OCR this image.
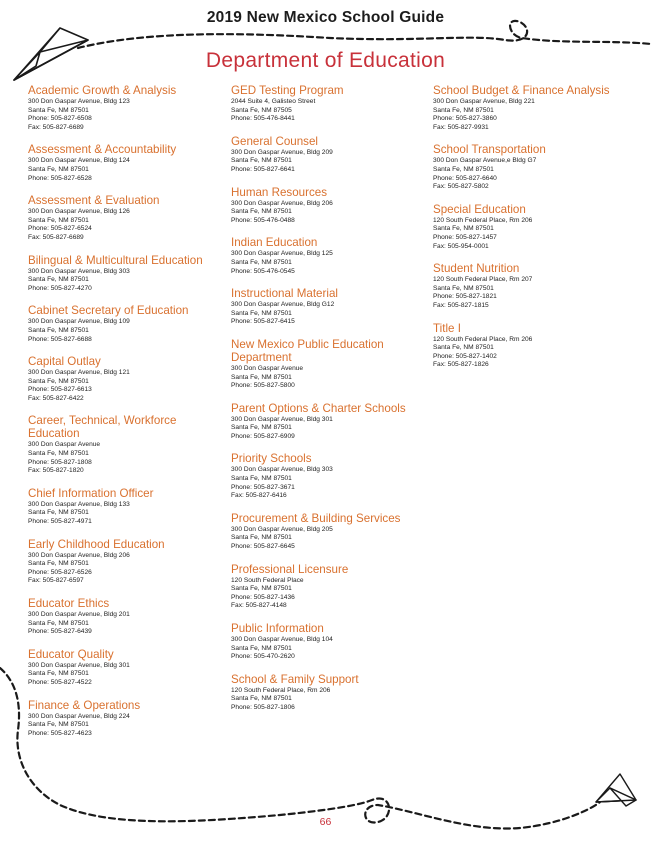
2019 New Mexico School Guide
Department of Education
Academic Growth & Analysis
300 Don Gaspar Avenue, Bldg 123
Santa Fe, NM 87501
Phone: 505-827-6508
Fax: 505-827-6689
Assessment & Accountability
300 Don Gaspar Avenue, Bldg 124
Santa Fe, NM 87501
Phone: 505-827-6528
Assessment & Evaluation
300 Don Gaspar Avenue, Bldg 126
Santa Fe, NM 87501
Phone: 505-827-6524
Fax: 505-827-6689
Bilingual & Multicultural Education
300 Don Gaspar Avenue, Bldg 303
Santa Fe, NM 87501
Phone: 505-827-4270
Cabinet Secretary of Education
300 Don Gaspar Avenue, Bldg 109
Santa Fe, NM 87501
Phone: 505-827-6688
Capital Outlay
300 Don Gaspar Avenue, Bldg 121
Santa Fe, NM 87501
Phone: 505-827-6613
Fax: 505-827-6422
Career, Technical, Workforce Education
300 Don Gaspar Avenue
Santa Fe, NM 87501
Phone: 505-827-1808
Fax: 505-827-1820
Chief Information Officer
300 Don Gaspar Avenue, Bldg 133
Santa Fe, NM 87501
Phone: 505-827-4971
Early Childhood Education
300 Don Gaspar Avenue, Bldg 206
Santa Fe, NM 87501
Phone: 505-827-6526
Fax: 505-827-6597
Educator Ethics
300 Don Gaspar Avenue, Bldg 201
Santa Fe, NM 87501
Phone: 505-827-6439
Educator Quality
300 Don Gaspar Avenue, Bldg 301
Santa Fe, NM 87501
Phone: 505-827-4522
Finance & Operations
300 Don Gaspar Avenue, Bldg 224
Santa Fe, NM 87501
Phone: 505-827-4623
GED Testing Program
2044 Suite 4, Galisteo Street
Santa Fe, NM 87505
Phone: 505-476-8441
General Counsel
300 Don Gaspar Avenue, Bldg 209
Santa Fe, NM 87501
Phone: 505-827-6641
Human Resources
300 Don Gaspar Avenue, Bldg 206
Santa Fe, NM 87501
Phone: 505-476-0488
Indian Education
300 Don Gaspar Avenue, Bldg 125
Santa Fe, NM 87501
Phone: 505-476-0545
Instructional Material
300 Don Gaspar Avenue, Bldg G12
Santa Fe, NM 87501
Phone: 505-827-6415
New Mexico Public Education Department
300 Don Gaspar Avenue
Santa Fe, NM 87501
Phone: 505-827-5800
Parent Options & Charter Schools
300 Don Gaspar Avenue, Bldg 301
Santa Fe, NM 87501
Phone: 505-827-6909
Priority Schools
300 Don Gaspar Avenue, Bldg 303
Santa Fe, NM 87501
Phone: 505-827-3671
Fax: 505-827-6416
Procurement & Building Services
300 Don Gaspar Avenue, Bldg 205
Santa Fe, NM 87501
Phone: 505-827-6645
Professional Licensure
120 South Federal Place
Santa Fe, NM 87501
Phone: 505-827-1436
Fax: 505-827-4148
Public Information
300 Don Gaspar Avenue, Bldg 104
Santa Fe, NM 87501
Phone: 505-470-2620
School & Family Support
120 South Federal Place, Rm 206
Santa Fe, NM 87501
Phone: 505-827-1806
School Budget & Finance Analysis
300 Don Gaspar Avenue, Bldg 221
Santa Fe, NM 87501
Phone: 505-827-3860
Fax: 505-827-9931
School Transportation
300 Don Gaspar Avenue,e Bldg G7
Santa Fe, NM 87501
Phone: 505-827-6640
Fax: 505-827-5802
Special Education
120 South Federal Place, Rm 206
Santa Fe, NM 87501
Phone: 505-827-1457
Fax: 505-954-0001
Student Nutrition
120 South Federal Place, Rm 207
Santa Fe, NM 87501
Phone: 505-827-1821
Fax: 505-827-1815
Title I
120 South Federal Place, Rm 206
Santa Fe, NM 87501
Phone: 505-827-1402
Fax: 505-827-1826
66
